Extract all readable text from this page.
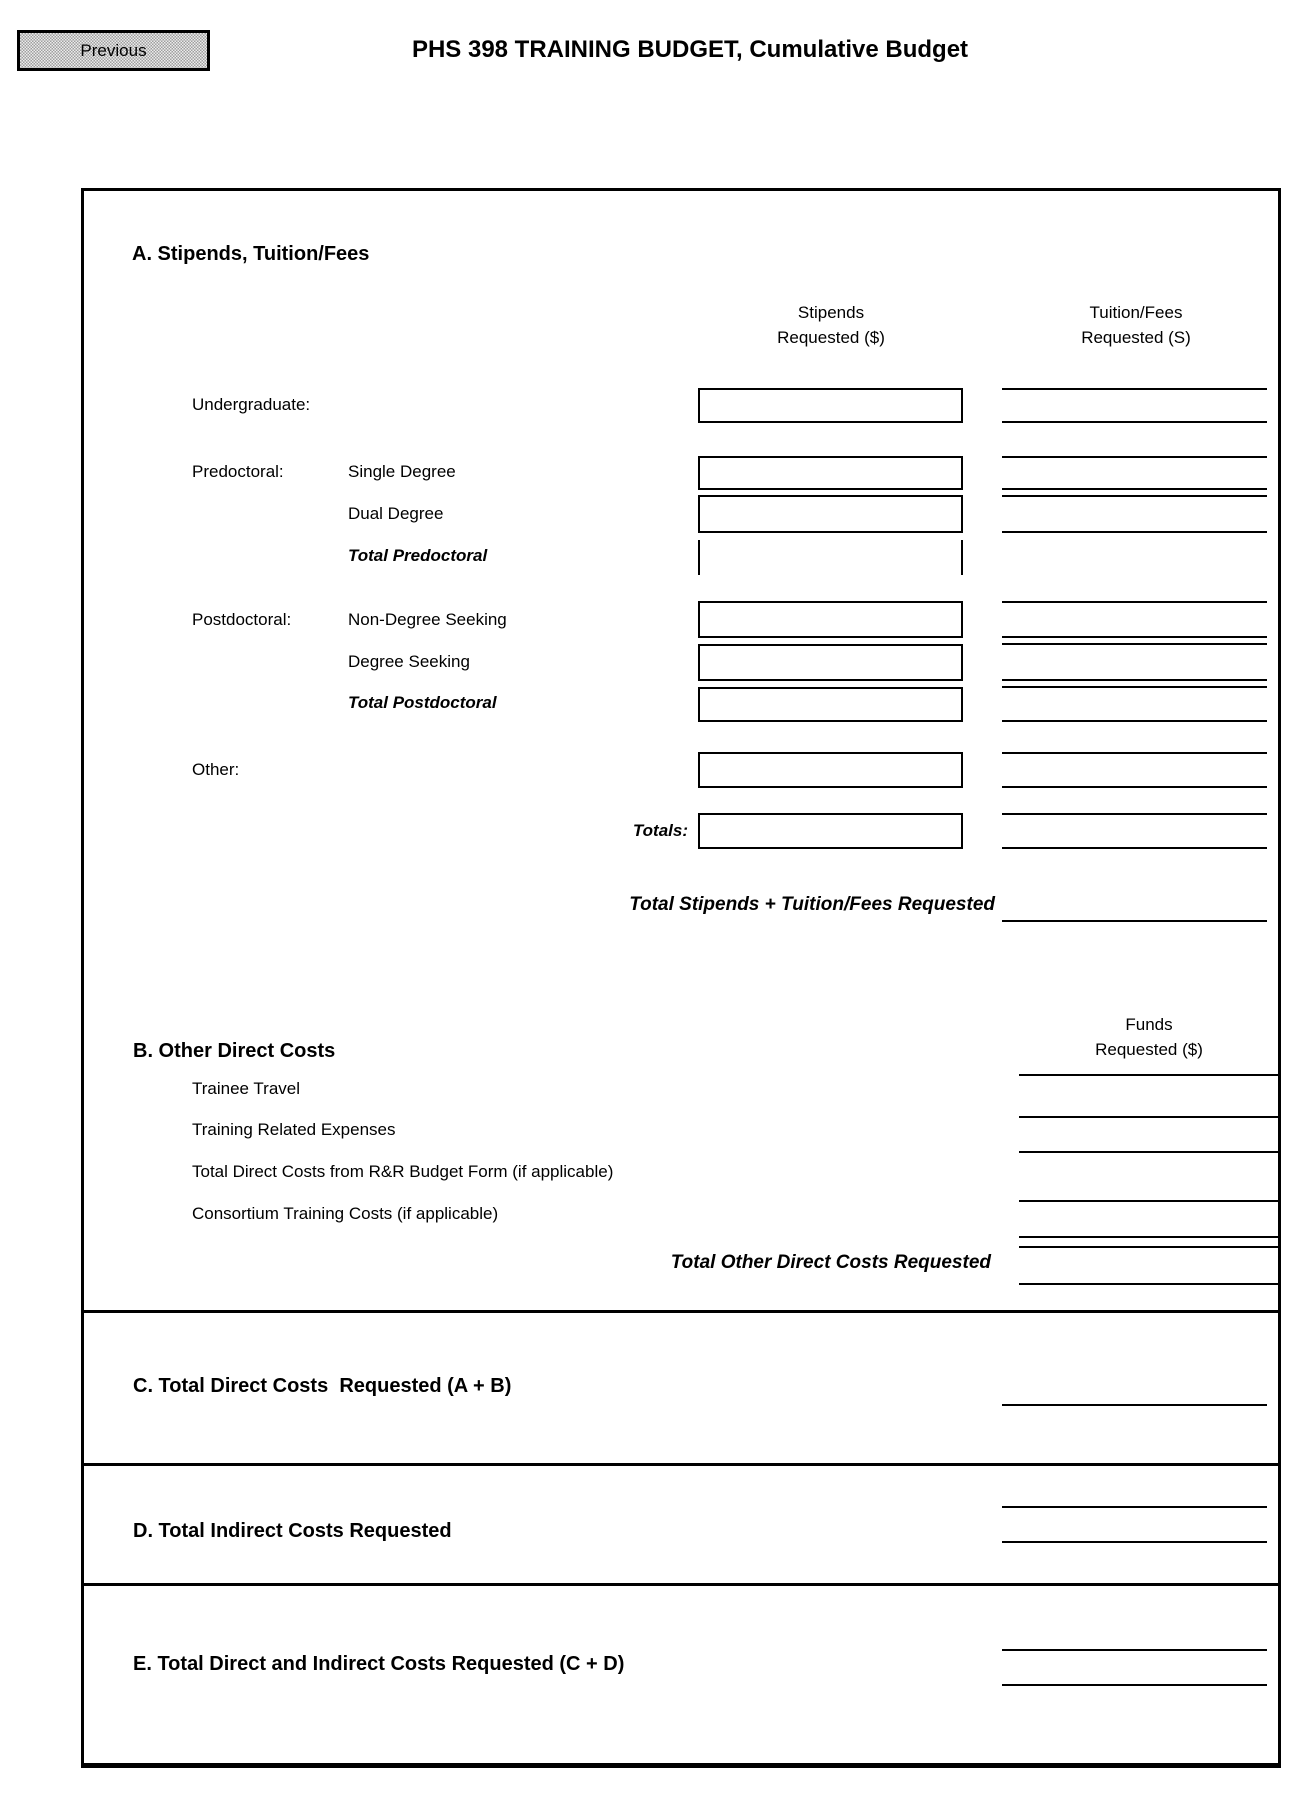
Previous	PHS 398 TRAINING BUDGET, Cumulative Budget
A. Stipends, Tuition/Fees
Stipends
Requested ($)
Tuition/Fees
Requested (S)
Undergraduate:
Predoctoral:	Single Degree
Dual Degree
Total Predoctoral
Postdoctoral:	Non-Degree Seeking
Degree Seeking
Total Postdoctoral
Other:
Totals:
Total Stipends + Tuition/Fees Requested
B. Other Direct Costs
Funds
Requested ($)
Trainee Travel
Training Related Expenses
Total Direct Costs from R&R Budget Form (if applicable)
Consortium Training Costs (if applicable)
Total Other Direct Costs Requested
C. Total Direct Costs  Requested (A + B)
D. Total Indirect Costs Requested
E. Total Direct and Indirect Costs Requested (C + D)
